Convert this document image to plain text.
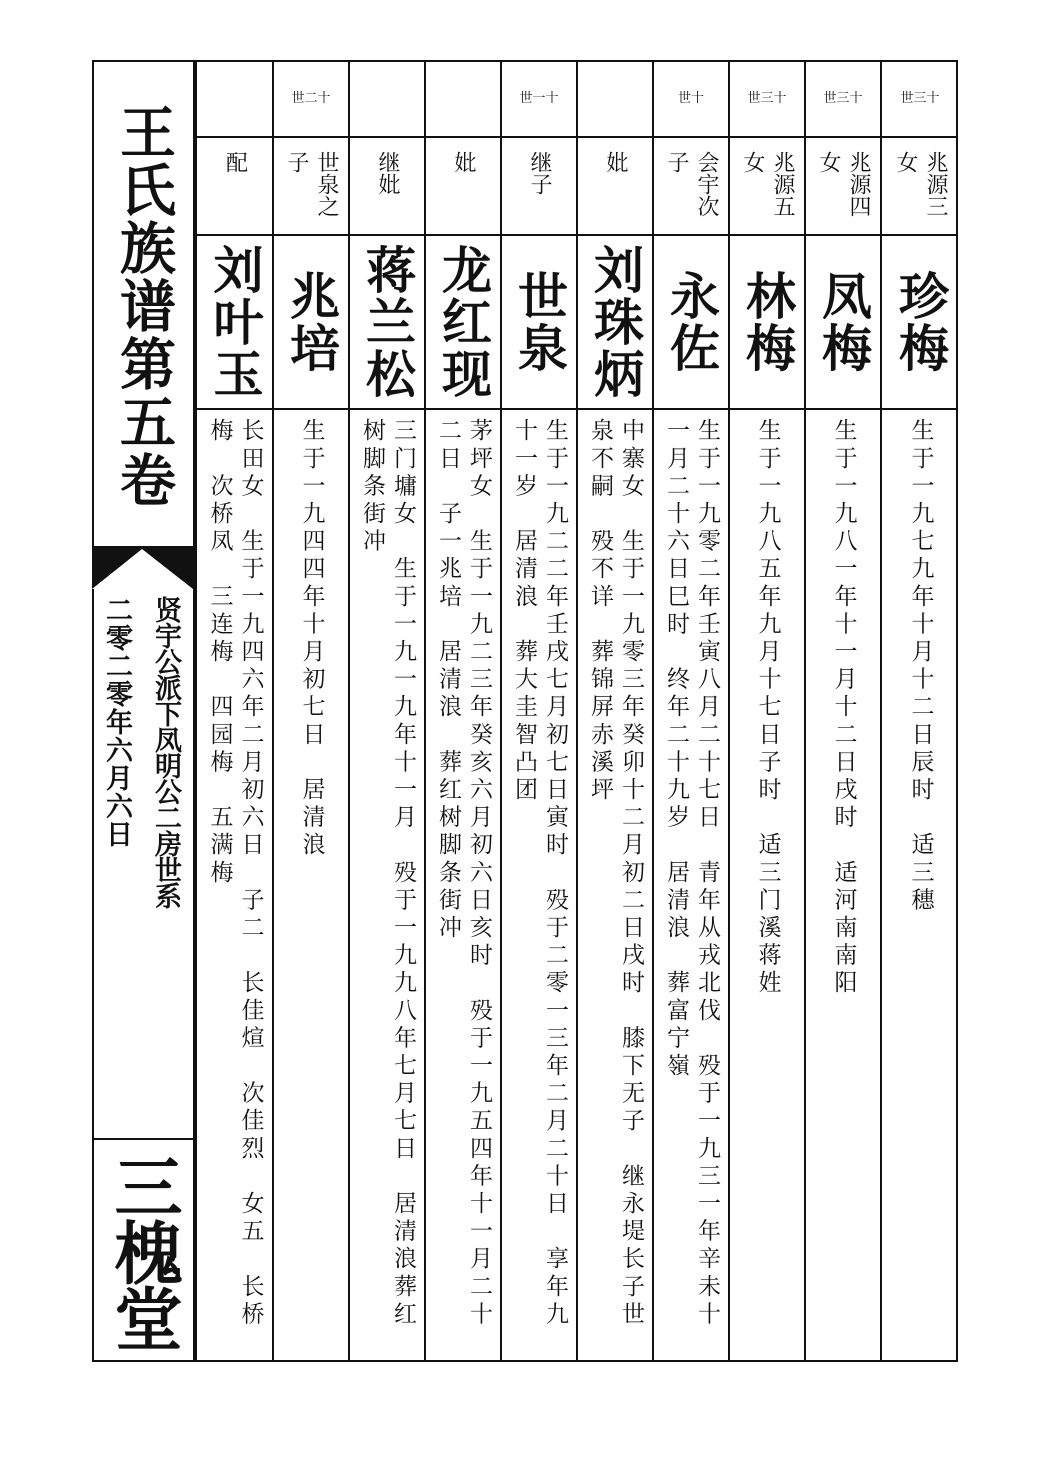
王氏族谱第五卷
贤宇公派下凤明公二房世系
二零二零年六月六日
三槐堂
世三十
兆源三女
珍梅
生于一九七九年十月十二日辰时　适三穗
世三十
兆源四女
凤梅
生于一九八一年十一月十二日戌时　适河南南阳
世三十
兆源五女
林梅
生于一九八五年九月十七日子时　适三门溪蒋姓
世十
会宇次子
永佐
生于一九零二年壬寅八月二十七日　青年从戎北伐　殁于一九三一年辛未十一月二十六日巳时　终年二十九岁　居清浪　葬富宁嶺
妣
刘珠炳
中寨女　生于一九零三年癸卯十二月初二日戌时　膝下无子　继永堤长子世泉不嗣　殁不详　葬锦屏赤溪坪
世一十
继子
世泉
生于一九二二年壬戌七月初七日寅时　殁于二零一三年二月二十日　享年九十一岁　居清浪　葬大圭智凸团
妣
龙红现
茅坪女　生于一九二三年癸亥六月初六日亥时　殁于一九五四年十一月二十二日　子一兆培　居清浪　葬红树脚条街冲
继妣
蒋兰松
三门墉女　生于一九一九年十一月　殁于一九九八年七月七日　居清浪葬红树脚条街冲
世二十
世泉之子
兆培
生于一九四四年十月初七日　居清浪
配
刘叶玉
长田女　生于一九四六年二月初六日　子二　长佳煊　次佳烈　女五　长桥梅　次桥凤　三连梅　四园梅　五满梅
